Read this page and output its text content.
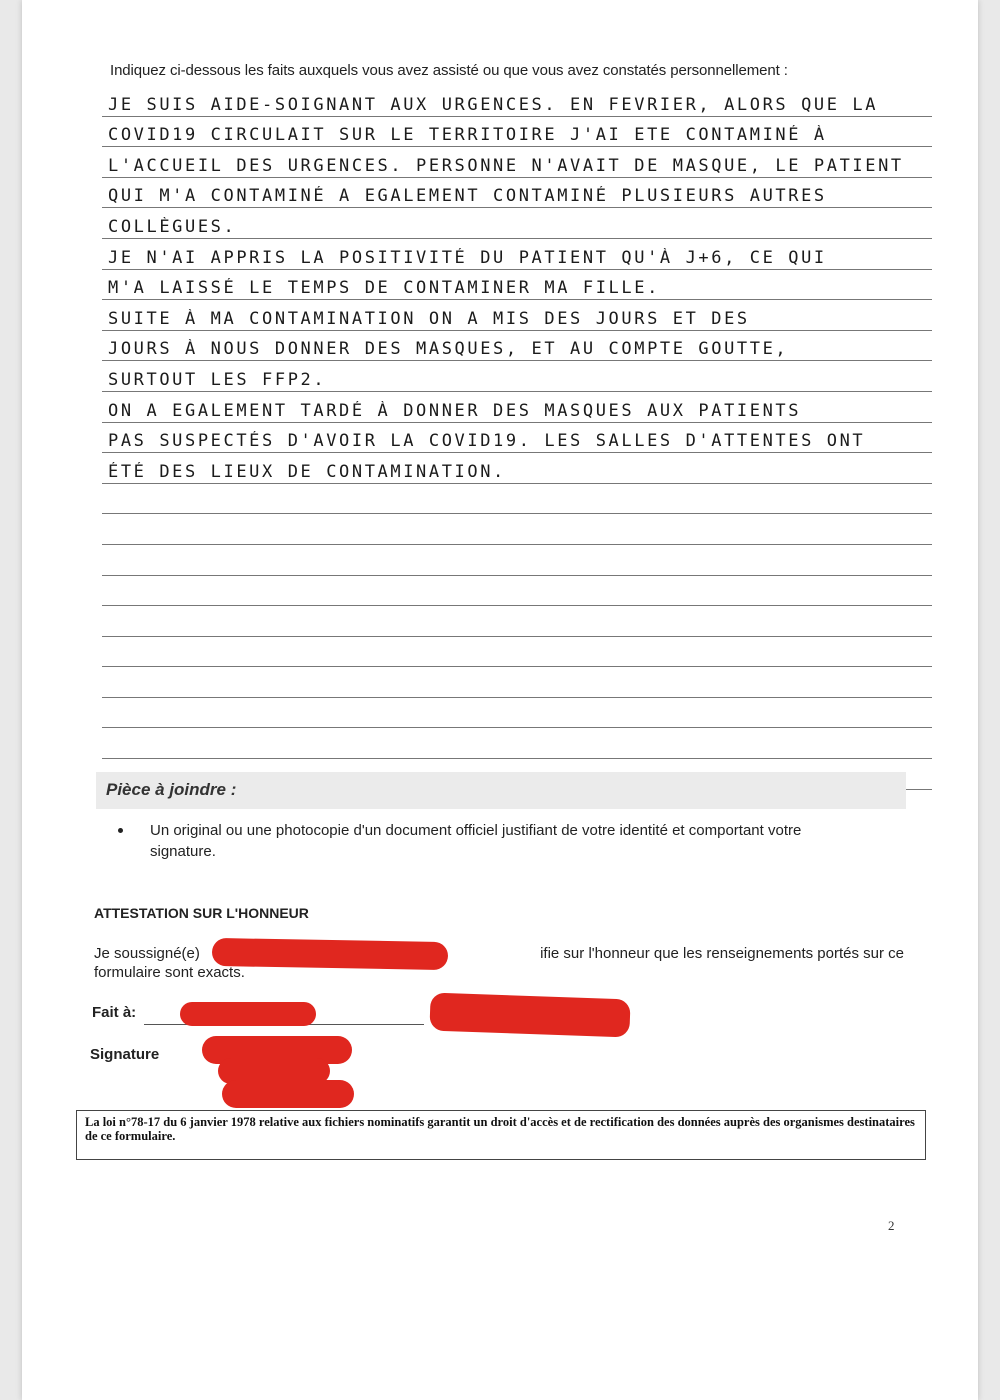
Indiquez ci-dessous les faits auxquels vous avez assisté ou que vous avez constatés personnellement :
JE SUIS AIDE-SOIGNANT AUX URGENCES. EN FEVRIER, ALORS QUE LA
COVID19 CIRCULAIT SUR LE TERRITOIRE J'AI ETE CONTAMINÉ À
L'ACCUEIL DES URGENCES. PERSONNE N'AVAIT DE MASQUE, LE PATIENT
QUI M'A CONTAMINÉ A EGALEMENT CONTAMINÉ PLUSIEURS AUTRES
COLLÈGUES.
JE N'AI APPRIS LA POSITIVITÉ DU PATIENT QU'À J+6, CE QUI
M'A LAISSÉ LE TEMPS DE CONTAMINER MA FILLE.
SUITE À MA CONTAMINATION ON A MIS DES JOURS ET DES
JOURS À NOUS DONNER DES MASQUES, ET AU COMPTE GOUTTE,
SURTOUT LES FFP2.
ON A EGALEMENT TARDÉ À DONNER DES MASQUES AUX PATIENTS
PAS SUSPECTÉS D'AVOIR LA COVID19. LES SALLES D'ATTENTES ONT
ÉTÉ DES LIEUX DE CONTAMINATION.
Pièce à joindre :
Un original ou une photocopie d'un document officiel justifiant de votre identité et comportant votre signature.
ATTESTATION SUR L'HONNEUR
Je soussigné(e)	ifie sur l'honneur que les renseignements portés sur ce

formulaire sont exacts.
Fait à:
Signature
La loi n°78-17 du 6 janvier 1978 relative aux fichiers nominatifs garantit un droit d'accès et de rectification des données auprès des organismes destinataires de ce formulaire.
2
